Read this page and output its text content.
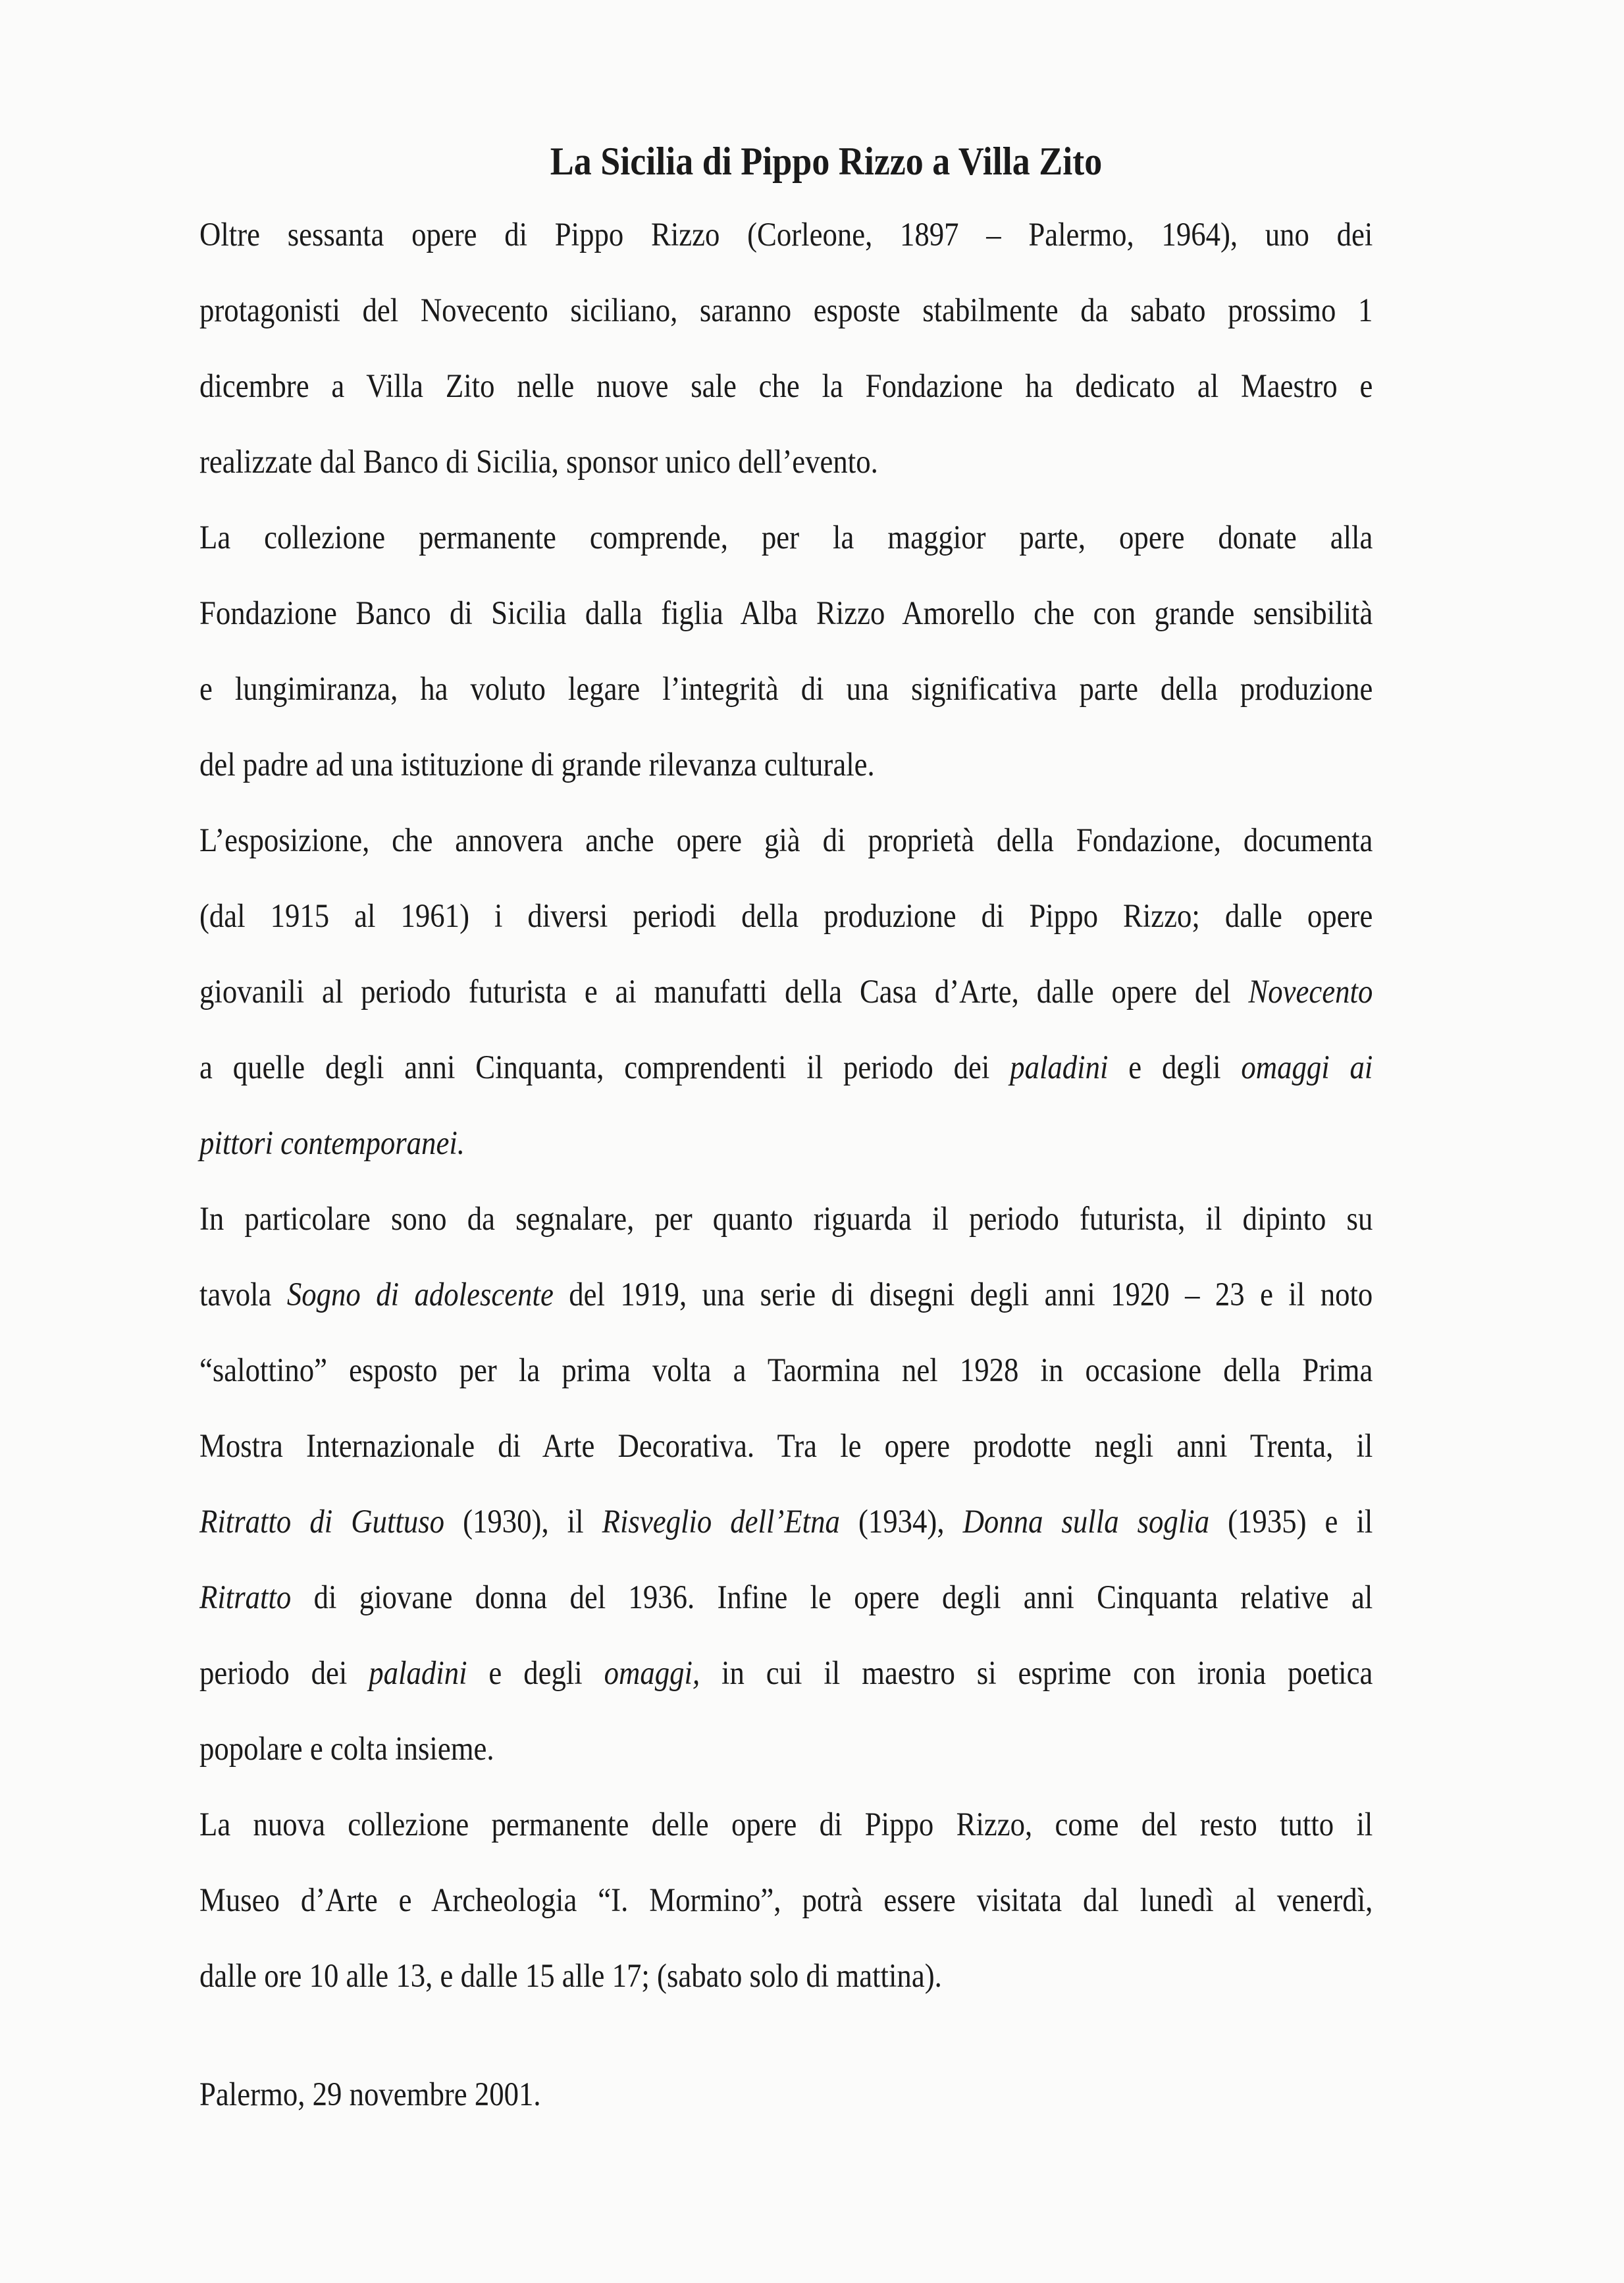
La Sicilia di Pippo Rizzo a Villa Zito
Oltre sessanta opere di Pippo Rizzo (Corleone, 1897 – Palermo, 1964), uno dei
protagonisti del Novecento siciliano, saranno esposte stabilmente da sabato prossimo 1
dicembre a Villa Zito nelle nuove sale che la Fondazione ha dedicato al Maestro e
realizzate dal Banco di Sicilia, sponsor unico dell’evento.
La collezione permanente comprende, per la maggior parte, opere donate alla
Fondazione Banco di Sicilia dalla figlia Alba Rizzo Amorello che con grande sensibilità
e lungimiranza, ha voluto legare l’integrità di una significativa parte della produzione
del padre ad una istituzione di grande rilevanza culturale.
L’esposizione, che annovera anche opere già di proprietà della Fondazione, documenta
(dal 1915 al 1961) i diversi periodi della produzione di Pippo Rizzo; dalle opere
giovanili al periodo futurista e ai manufatti della Casa d’Arte, dalle opere del Novecento
a quelle degli anni Cinquanta, comprendenti il periodo dei paladini e degli omaggi ai
pittori contemporanei.
In particolare sono da segnalare, per quanto riguarda il periodo futurista, il dipinto su
tavola Sogno di adolescente del 1919, una serie di disegni degli anni 1920 – 23 e il noto
“salottino” esposto per la prima volta a Taormina nel 1928 in occasione della Prima
Mostra Internazionale di Arte Decorativa. Tra le opere prodotte negli anni Trenta, il
Ritratto di Guttuso (1930), il Risveglio dell’Etna (1934), Donna sulla soglia (1935) e il
Ritratto di giovane donna del 1936. Infine le opere degli anni Cinquanta relative al
periodo dei paladini e degli omaggi, in cui il maestro si esprime con ironia poetica
popolare e colta insieme.
La nuova collezione permanente delle opere di Pippo Rizzo, come del resto tutto il
Museo d’Arte e Archeologia “I. Mormino”, potrà essere visitata dal lunedì al venerdì,
dalle ore 10 alle 13, e dalle 15 alle 17; (sabato solo di mattina).
Palermo, 29 novembre 2001.
